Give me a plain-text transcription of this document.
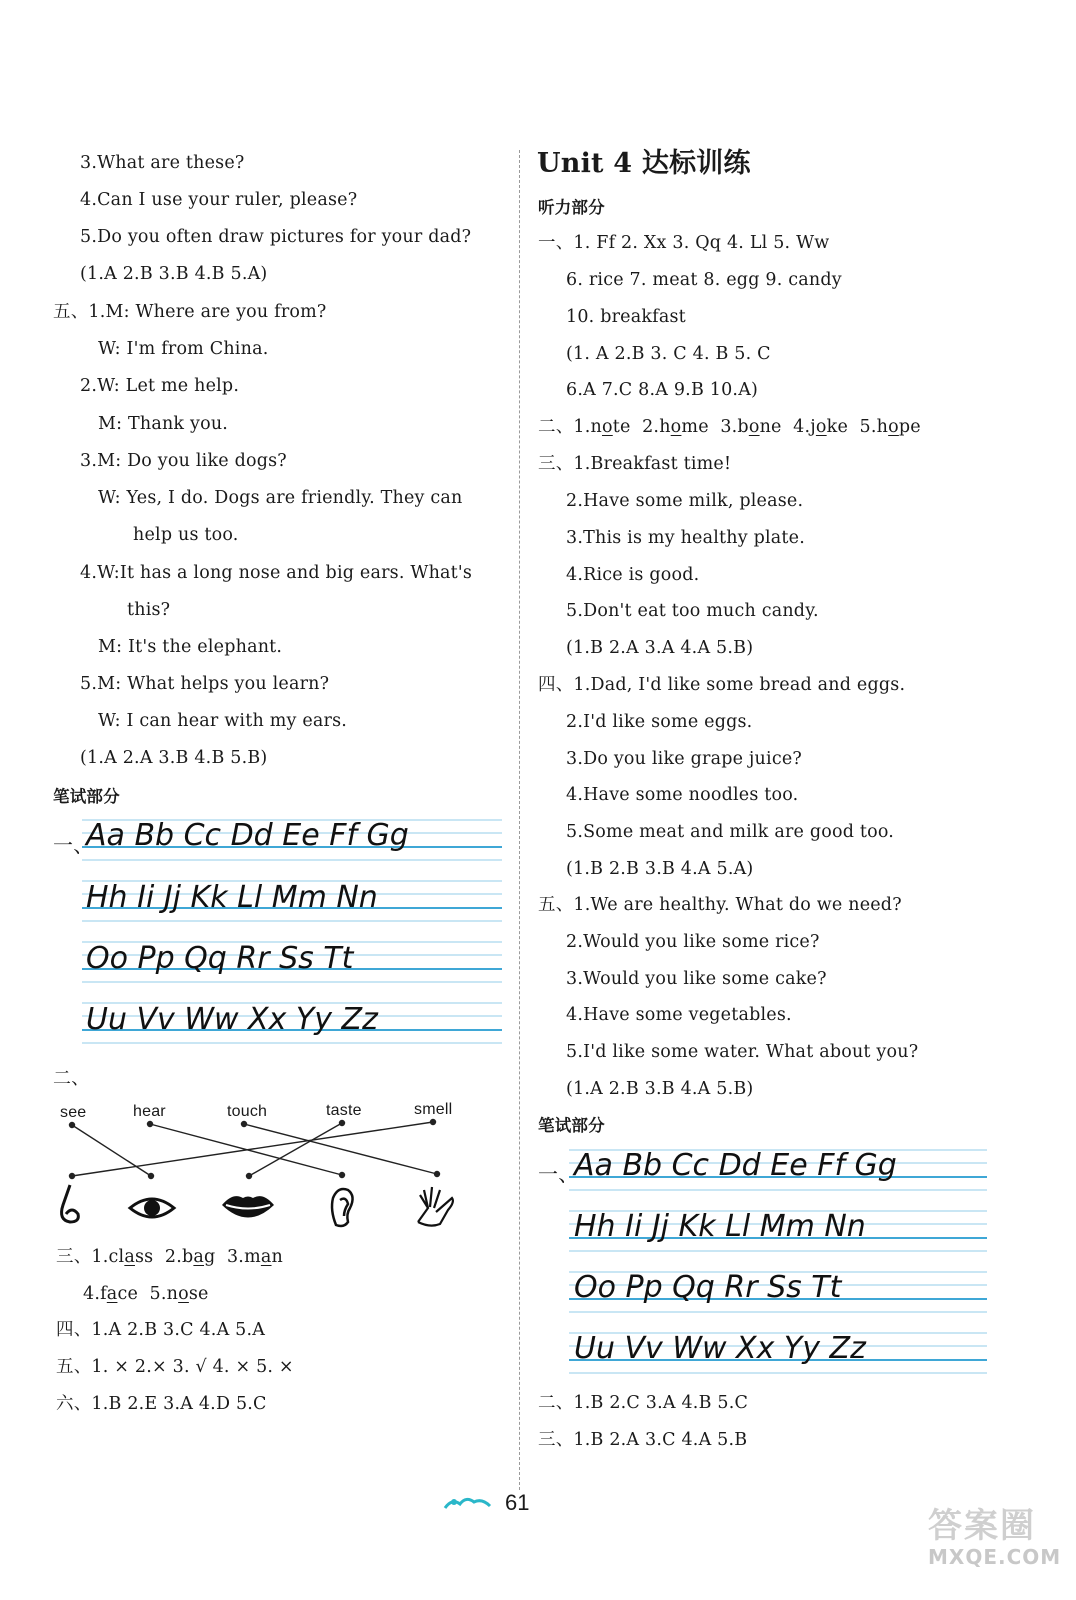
3.What are these?
4.Can I use your ruler, please?
5.Do you often draw pictures for your dad?
(1.A 2.B 3.B 4.B 5.A)
五、1.M: Where are you from?
W: I'm from China.
2.W: Let me help.
M: Thank you.
3.M: Do you like dogs?
W: Yes, I do. Dogs are friendly. They can
help us too.
4.W:It has a long nose and big ears. What's
this?
M: It's the elephant.
5.M: What helps you learn?
W: I can hear with my ears.
(1.A 2.A 3.B 4.B 5.B)
笔试部分
一、
Aa Bb Cc Dd Ee Ff Gg
Hh Ii Jj Kk Ll Mm Nn
Oo Pp Qq Rr Ss Tt
Uu Vv Ww Xx Yy Zz
二、
see	hear	touch	taste	smell
三、1.class 2.bag 3.man
4.face 5.nose
四、1.A 2.B 3.C 4.A 5.A
五、1. × 2.× 3. √ 4. × 5. ×
六、1.B 2.E 3.A 4.D 5.C
Unit 4 达标训练
听力部分
一、1. Ff 2. Xx 3. Qq 4. Ll 5. Ww
6. rice 7. meat 8. egg 9. candy
10. breakfast
(1. A 2.B 3. C 4. B 5. C
6.A 7.C 8.A 9.B 10.A)
二、1.note 2.home 3.bone 4.joke 5.hope
三、1.Breakfast time!
2.Have some milk, please.
3.This is my healthy plate.
4.Rice is good.
5.Don't eat too much candy.
(1.B 2.A 3.A 4.A 5.B)
四、1.Dad, I'd like some bread and eggs.
2.I'd like some eggs.
3.Do you like grape juice?
4.Have some noodles too.
5.Some meat and milk are good too.
(1.B 2.B 3.B 4.A 5.A)
五、1.We are healthy. What do we need?
2.Would you like some rice?
3.Would you like some cake?
4.Have some vegetables.
5.I'd like some water. What about you?
(1.A 2.B 3.B 4.A 5.B)
笔试部分
一、
Aa Bb Cc Dd Ee Ff Gg
Hh Ii Jj Kk Ll Mm Nn
Oo Pp Qq Rr Ss Tt
Uu Vv Ww Xx Yy Zz
二、1.B 2.C 3.A 4.B 5.C
三、1.B 2.A 3.C 4.A 5.B
61
答案圈
MXQE.COM
